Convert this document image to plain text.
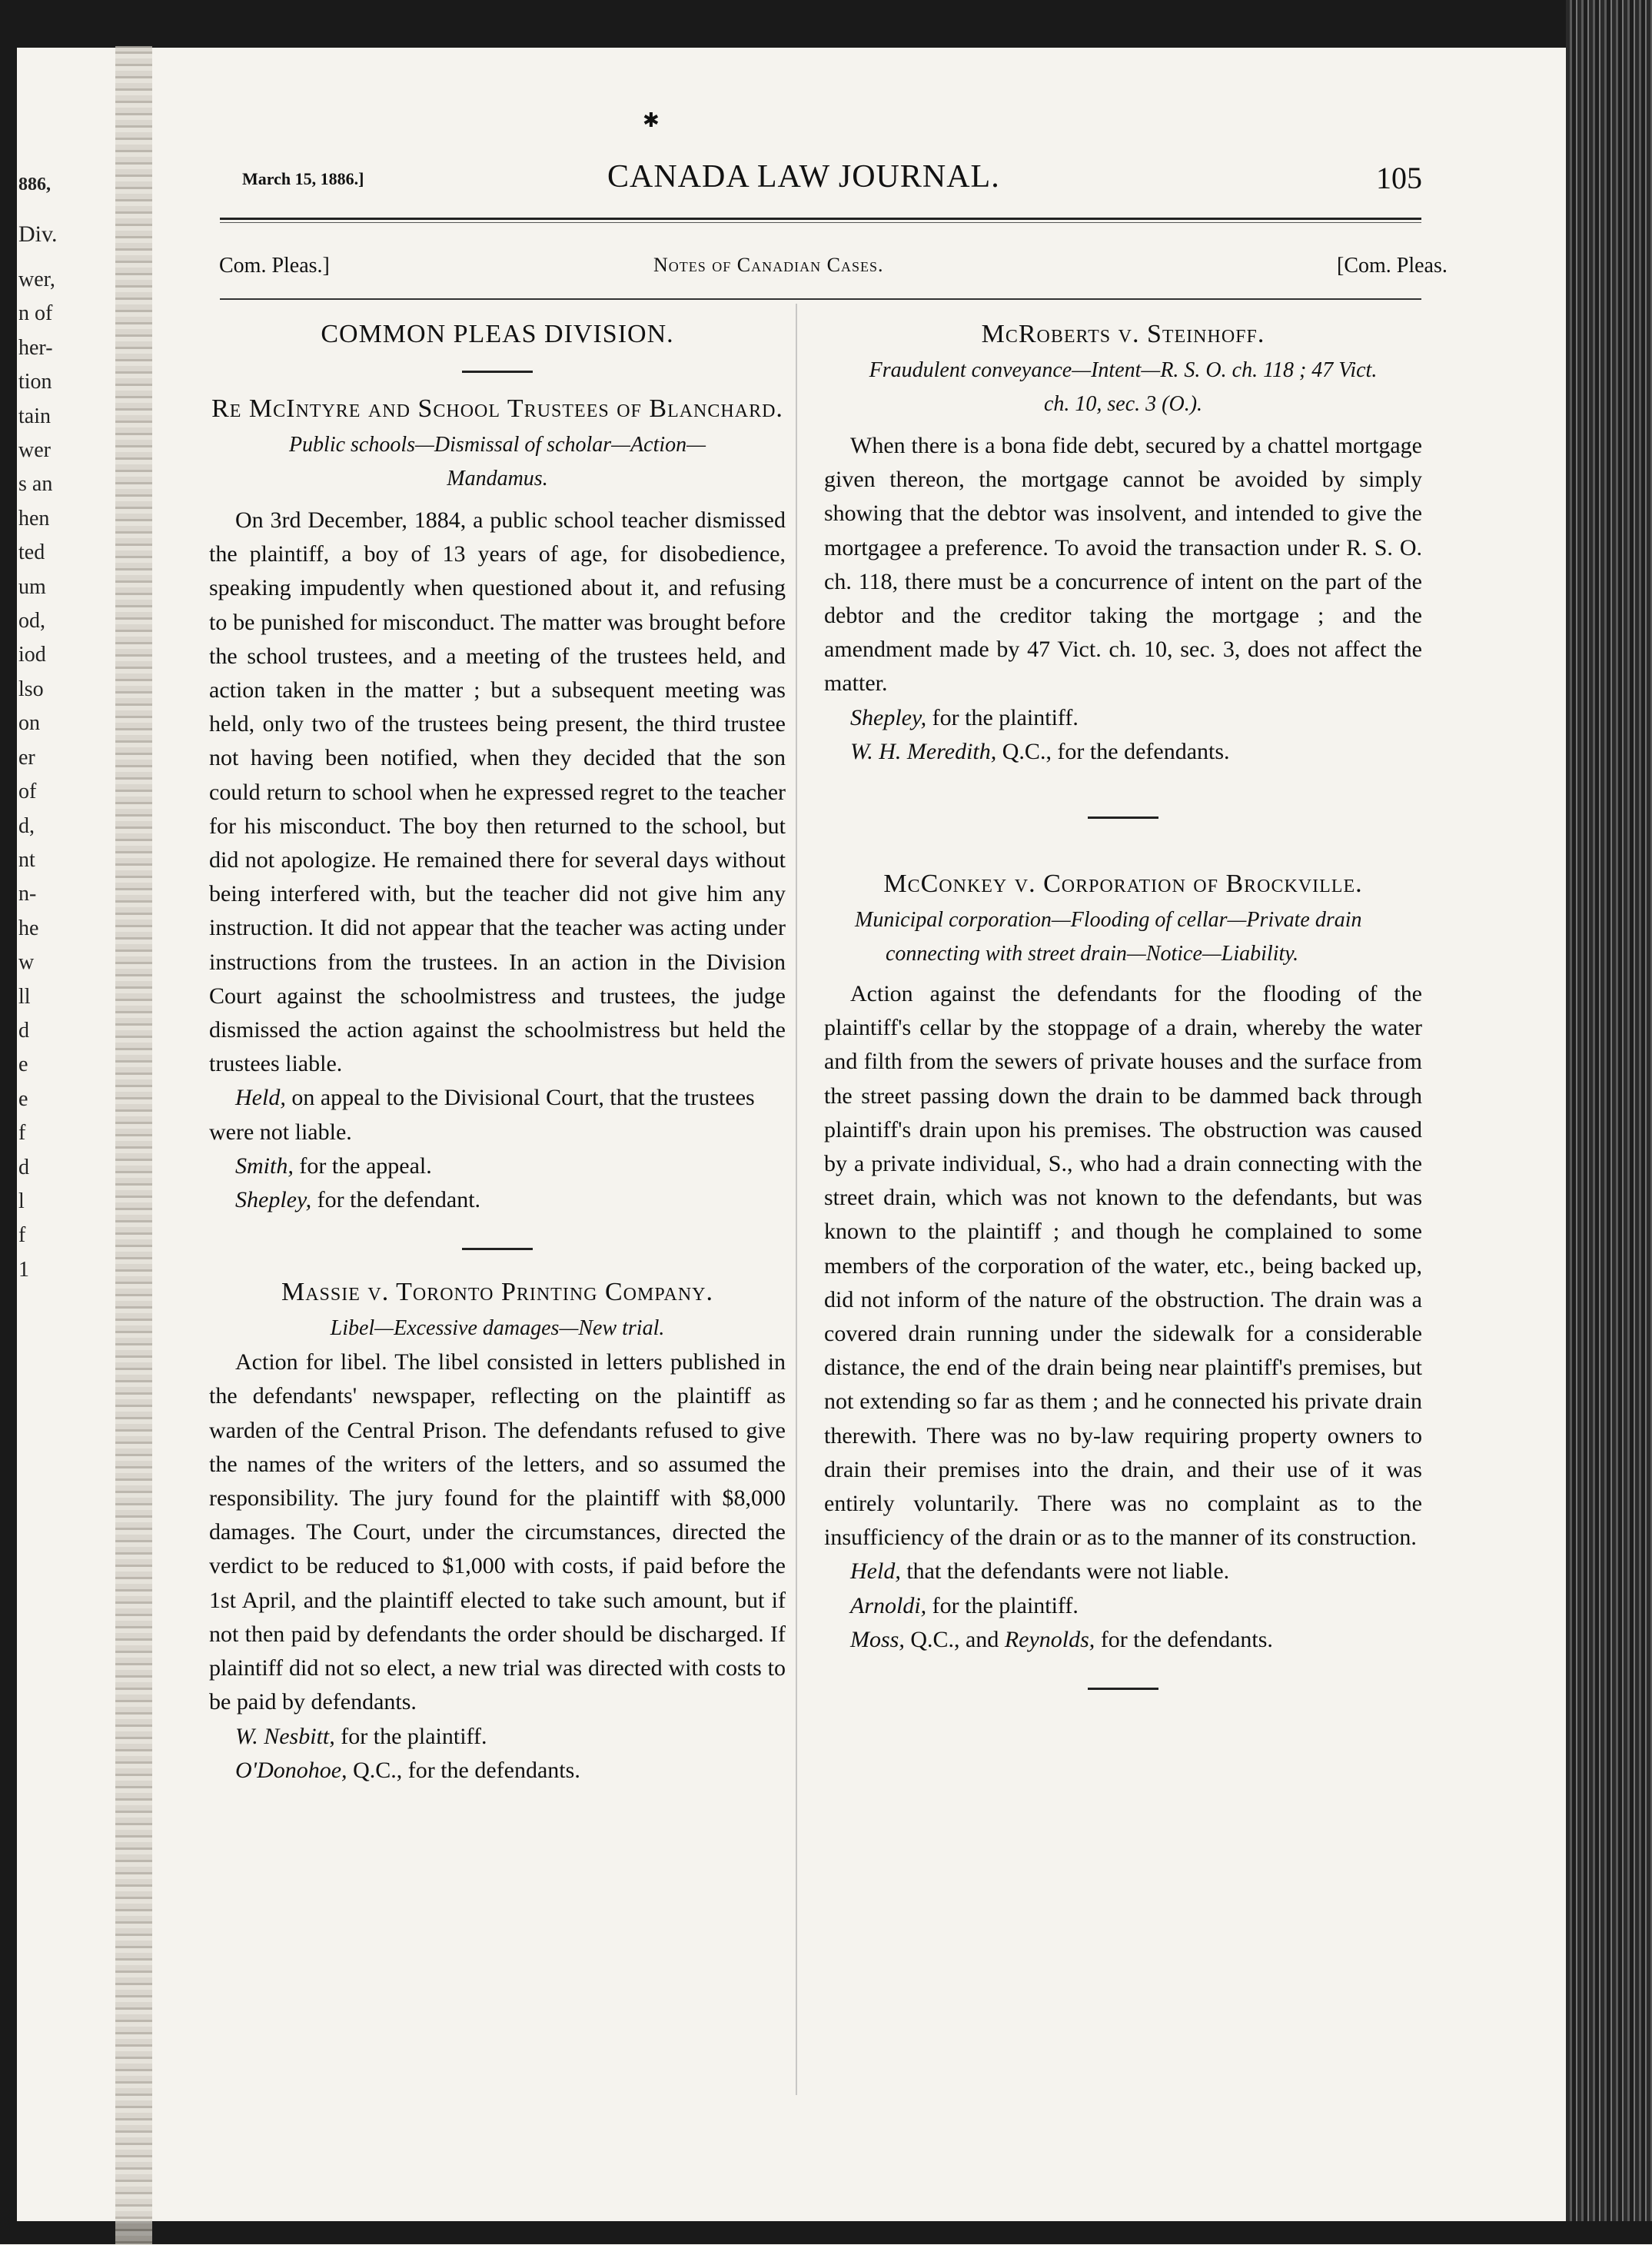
886,
Div.
wer,
n of
her-
tion
tain
wer
s an
hen
ted
um
od,
iod
lso
on
er
of
d,
nt
n-
he
w
ll
d
e
e
f
d
l
f
1
✱
March 15, 1886.]	CANADA LAW JOURNAL.	105
Com. Pleas.]	Notes of Canadian Cases.	[Com. Pleas.
COMMON PLEAS DIVISION.
Re McIntyre and School Trustees of Blanchard.
Public schools—Dismissal of scholar—Action—Mandamus.

On 3rd December, 1884, a public school teacher dismissed the plaintiff, a boy of 13 years of age, for disobedience, speaking impudently when questioned about it, and refusing to be punished for misconduct. The matter was brought before the school trustees, and a meeting of the trustees held, and action taken in the matter ; but a subsequent meeting was held, only two of the trustees being present, the third trustee not having been notified, when they decided that the son could return to school when he expressed regret to the teacher for his misconduct. The boy then returned to the school, but did not apologize. He remained there for several days without being interfered with, but the teacher did not give him any instruction. It did not appear that the teacher was acting under instructions from the trustees. In an action in the Division Court against the schoolmistress and trustees, the judge dismissed the action against the schoolmistress but held the trustees liable.

Held, on appeal to the Divisional Court, that the trustees were not liable.

Smith, for the appeal.

Shepley, for the defendant.

Massie v. Toronto Printing Company.
Libel—Excessive damages—New trial.

Action for libel. The libel consisted in letters published in the defendants' newspaper, reflecting on the plaintiff as warden of the Central Prison. The defendants refused to give the names of the writers of the letters, and so assumed the responsibility. The jury found for the plaintiff with $8,000 damages. The Court, under the circumstances, directed the verdict to be reduced to $1,000 with costs, if paid before the 1st April, and the plaintiff elected to take such amount, but if not then paid by defendants the order should be discharged. If plaintiff did not so elect, a new trial was directed with costs to be paid by defendants.

W. Nesbitt, for the plaintiff.

O'Donohoe, Q.C., for the defendants.

McRoberts v. Steinhoff.
Fraudulent conveyance—Intent—R. S. O. ch. 118 ; 47 Vict. ch. 10, sec. 3 (O.).

When there is a bona fide debt, secured by a chattel mortgage given thereon, the mortgage cannot be avoided by simply showing that the debtor was insolvent, and intended to give the mortgagee a preference. To avoid the transaction under R. S. O. ch. 118, there must be a concurrence of intent on the part of the debtor and the creditor taking the mortgage ; and the amendment made by 47 Vict. ch. 10, sec. 3, does not affect the matter.

Shepley, for the plaintiff.

W. H. Meredith, Q.C., for the defendants.

McConkey v. Corporation of Brockville.
Municipal corporation—Flooding of cellar—Private drain connecting with street drain—Notice—Liability.

Action against the defendants for the flooding of the plaintiff's cellar by the stoppage of a drain, whereby the water and filth from the sewers of private houses and the surface from the street passing down the drain to be dammed back through plaintiff's drain upon his premises. The obstruction was caused by a private individual, S., who had a drain connecting with the street drain, which was not known to the defendants, but was known to the plaintiff ; and though he complained to some members of the corporation of the water, etc., being backed up, did not inform of the nature of the obstruction. The drain was a covered drain running under the sidewalk for a considerable distance, the end of the drain being near plaintiff's premises, but not extending so far as them ; and he connected his private drain therewith. There was no by-law requiring property owners to drain their premises into the drain, and their use of it was entirely voluntarily. There was no complaint as to the insufficiency of the drain or as to the manner of its construction.

Held, that the defendants were not liable.

Arnoldi, for the plaintiff.

Moss, Q.C., and Reynolds, for the defendants.
